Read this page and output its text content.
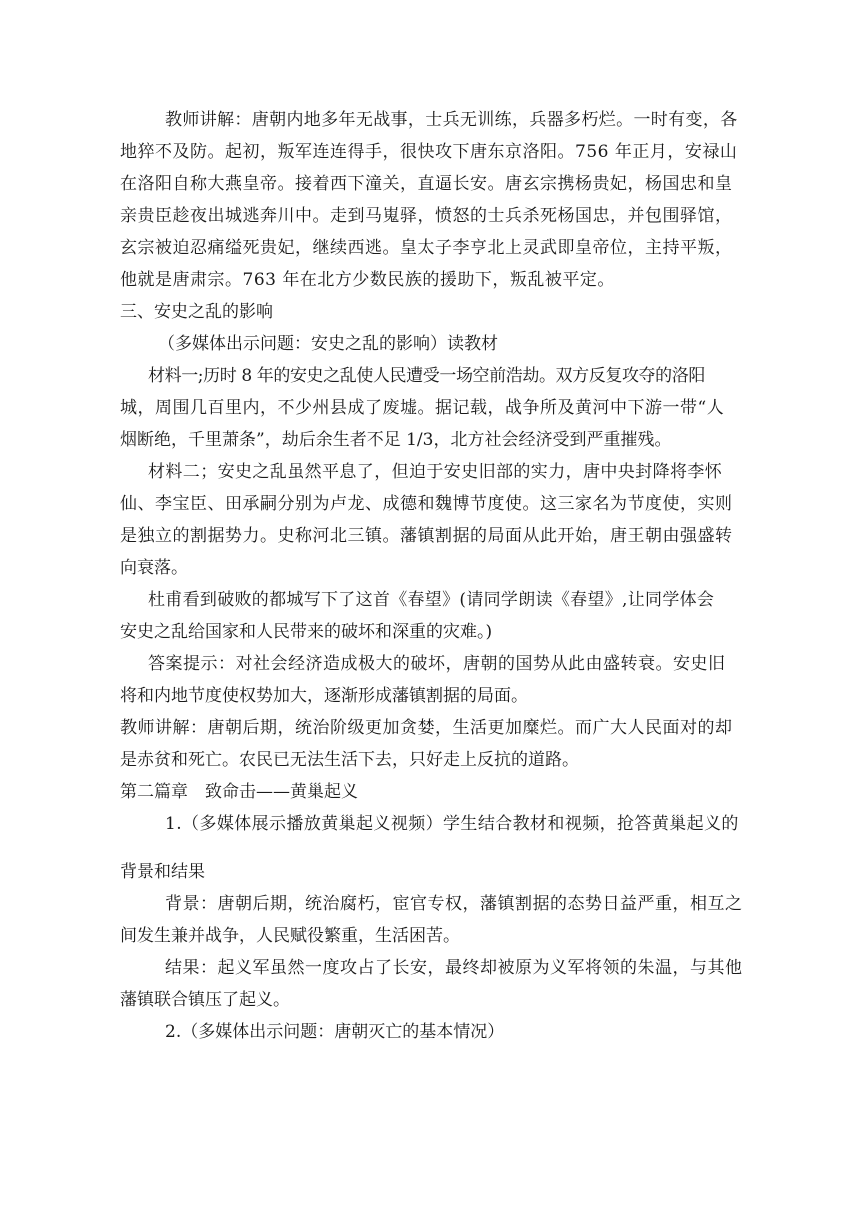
教师讲解：唐朝内地多年无战事，士兵无训练，兵器多朽烂。一时有变，各
地猝不及防。起初，叛军连连得手，很快攻下唐东京洛阳。756 年正月，安禄山
在洛阳自称大燕皇帝。接着西下潼关，直逼长安。唐玄宗携杨贵妃，杨国忠和皇
亲贵臣趁夜出城逃奔川中。走到马嵬驿，愤怒的士兵杀死杨国忠，并包围驿馆，
玄宗被迫忍痛缢死贵妃，继续西逃。皇太子李亨北上灵武即皇帝位，主持平叛，
他就是唐肃宗。763 年在北方少数民族的援助下，叛乱被平定。
三、安史之乱的影响
（多媒体出示问题：安史之乱的影响）读教材
材料一;历时 8 年的安史之乱使人民遭受一场空前浩劫。双方反复攻夺的洛阳
城，周围几百里内，不少州县成了废墟。据记载，战争所及黄河中下游一带“人
烟断绝，千里萧条”，劫后余生者不足 1/3，北方社会经济受到严重摧残。
材料二；安史之乱虽然平息了，但迫于安史旧部的实力，唐中央封降将李怀
仙、李宝臣、田承嗣分别为卢龙、成德和魏博节度使。这三家名为节度使，实则
是独立的割据势力。史称河北三镇。藩镇割据的局面从此开始，唐王朝由强盛转
向衰落。
杜甫看到破败的都城写下了这首《春望》(请同学朗读《春望》,让同学体会
安史之乱给国家和人民带来的破坏和深重的灾难。)
答案提示：对社会经济造成极大的破坏，唐朝的国势从此由盛转衰。安史旧
将和内地节度使权势加大，逐渐形成藩镇割据的局面。
教师讲解：唐朝后期，统治阶级更加贪婪，生活更加糜烂。而广大人民面对的却
是赤贫和死亡。农民已无法生活下去，只好走上反抗的道路。
第二篇章　致命击——黄巢起义
1.（多媒体展示播放黄巢起义视频）学生结合教材和视频，抢答黄巢起义的
背景和结果
背景：唐朝后期，统治腐朽，宦官专权，藩镇割据的态势日益严重，相互之
间发生兼并战争，人民赋役繁重，生活困苦。
结果：起义军虽然一度攻占了长安，最终却被原为义军将领的朱温，与其他
藩镇联合镇压了起义。
2.（多媒体出示问题：唐朝灭亡的基本情况）
